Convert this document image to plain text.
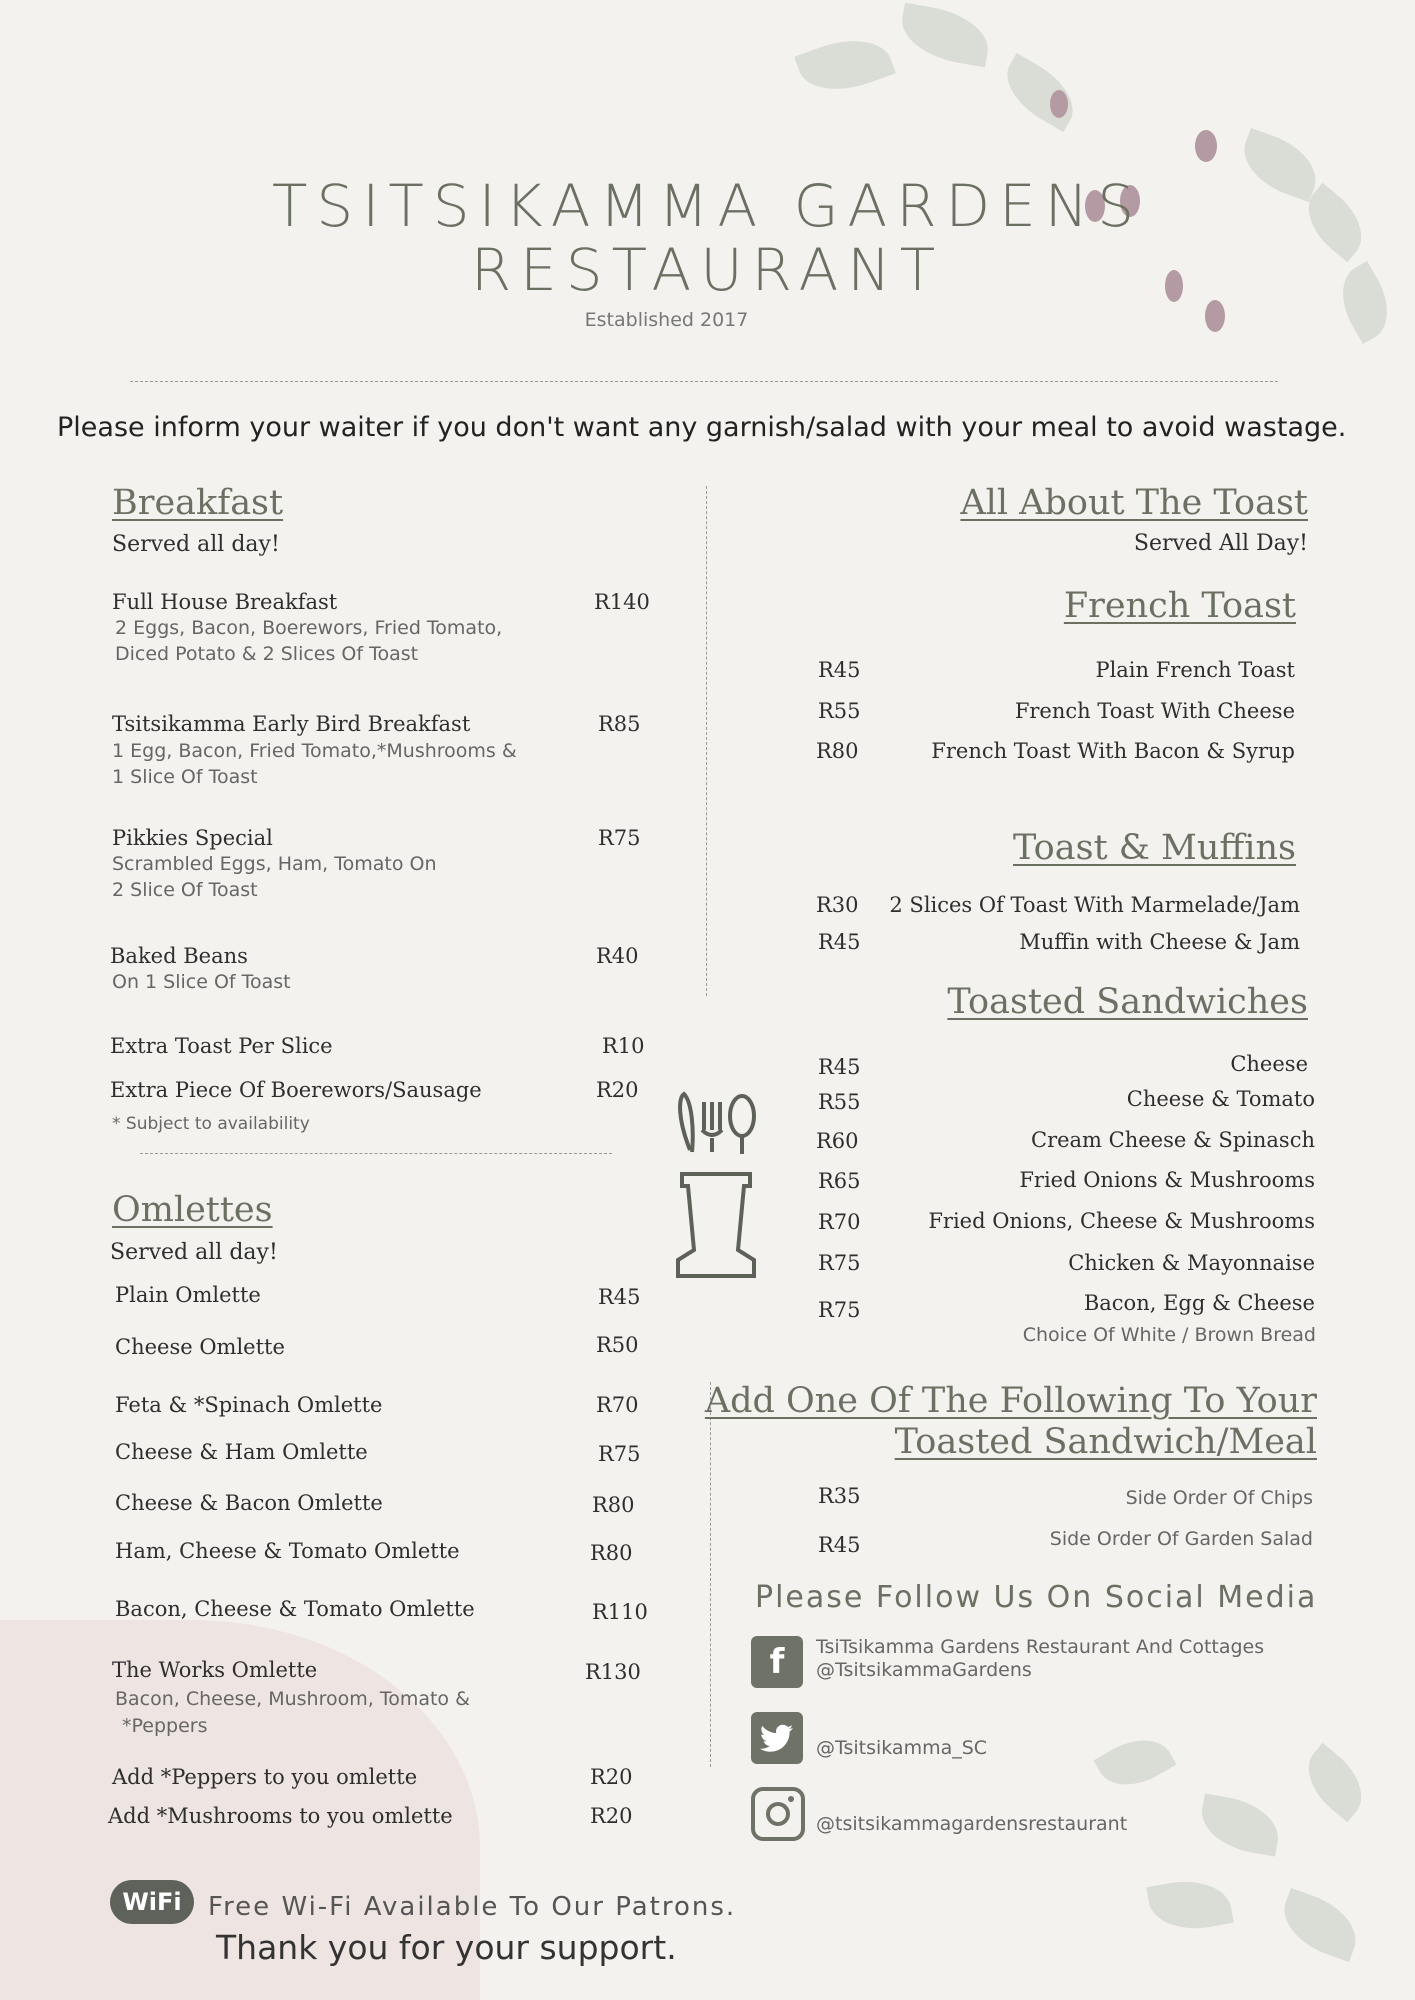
TSITSIKAMMA GARDENS
RESTAURANT
Established 2017
Please inform your waiter if you don't want any garnish/salad with your meal to avoid wastage.
Breakfast
Served all day!
Full House Breakfast	R140
2 Eggs, Bacon, Boerewors, Fried Tomato,
Diced Potato & 2 Slices Of Toast
Tsitsikamma Early Bird Breakfast	R85
1 Egg, Bacon, Fried Tomato,*Mushrooms &
1 Slice Of Toast
Pikkies Special	R75
Scrambled Eggs, Ham, Tomato On
2 Slice Of Toast
Baked Beans	R40
On 1 Slice Of Toast
Extra Toast Per Slice	R10
Extra Piece Of Boerewors/Sausage	R20
* Subject to availability
Omlettes
Served all day!
Plain Omlette	R45
Cheese Omlette	R50
Feta & *Spinach Omlette	R70
Cheese & Ham Omlette	R75
Cheese & Bacon Omlette	R80
Ham, Cheese & Tomato Omlette	R80
Bacon, Cheese & Tomato Omlette	R110
The Works Omlette	R130
Bacon, Cheese, Mushroom, Tomato &
*Peppers
Add *Peppers to you omlette	R20
Add *Mushrooms to you omlette	R20
All About The Toast
Served All Day!
French Toast
R45	Plain French Toast
R55	French Toast With Cheese
R80	French Toast With Bacon & Syrup
Toast & Muffins
R30	2 Slices Of Toast With Marmelade/Jam
R45	Muffin with Cheese & Jam
Toasted Sandwiches
R45	Cheese
R55	Cheese & Tomato
R60	Cream Cheese & Spinasch
R65	Fried Onions & Mushrooms
R70	Fried Onions, Cheese & Mushrooms
R75	Chicken & Mayonnaise
R75	Bacon, Egg & Cheese
Choice Of White / Brown Bread
Add One Of The Following To Your
Toasted Sandwich/Meal
R35	Side Order Of Chips
R45	Side Order Of Garden Salad
Please Follow Us On Social Media
f	TsiTsikamma Gardens Restaurant And Cottages
@TsitsikammaGardens
@Tsitsikamma_SC
@tsitsikammagardensrestaurant
WiFi	Free Wi-Fi Available To Our Patrons.
Thank you for your support.
